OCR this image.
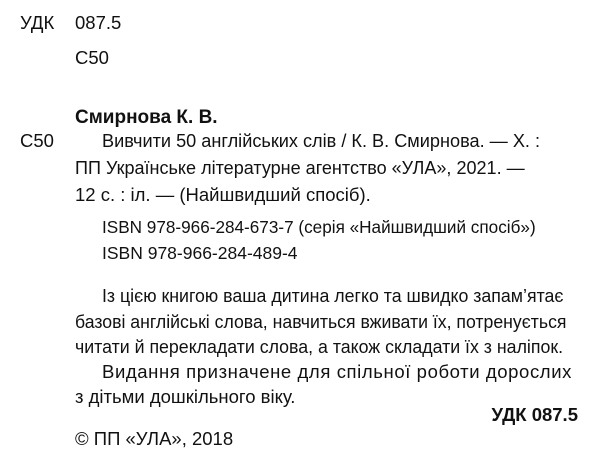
УДК 087.5
С50
Смирнова К. В.
С50	Вивчити 50 англійських слів / К. В. Смирнова. — Х. :
ПП Українське літературне агентство «УЛА», 2021. —
12 с. : іл. — (Найшвидший спосіб).
ISBN 978-966-284-673-7 (серія «Найшвидший спосіб»)
ISBN 978-966-284-489-4
Із цією книгою ваша дитина легко та швидко запам’ятає
базові англійські слова, навчиться вживати їх, потренується
читати й перекладати слова, а також складати їх з наліпок.
Видання призначене для спільної роботи дорослих
з дітьми дошкільного віку.
УДК 087.5
© ПП «УЛА», 2018
